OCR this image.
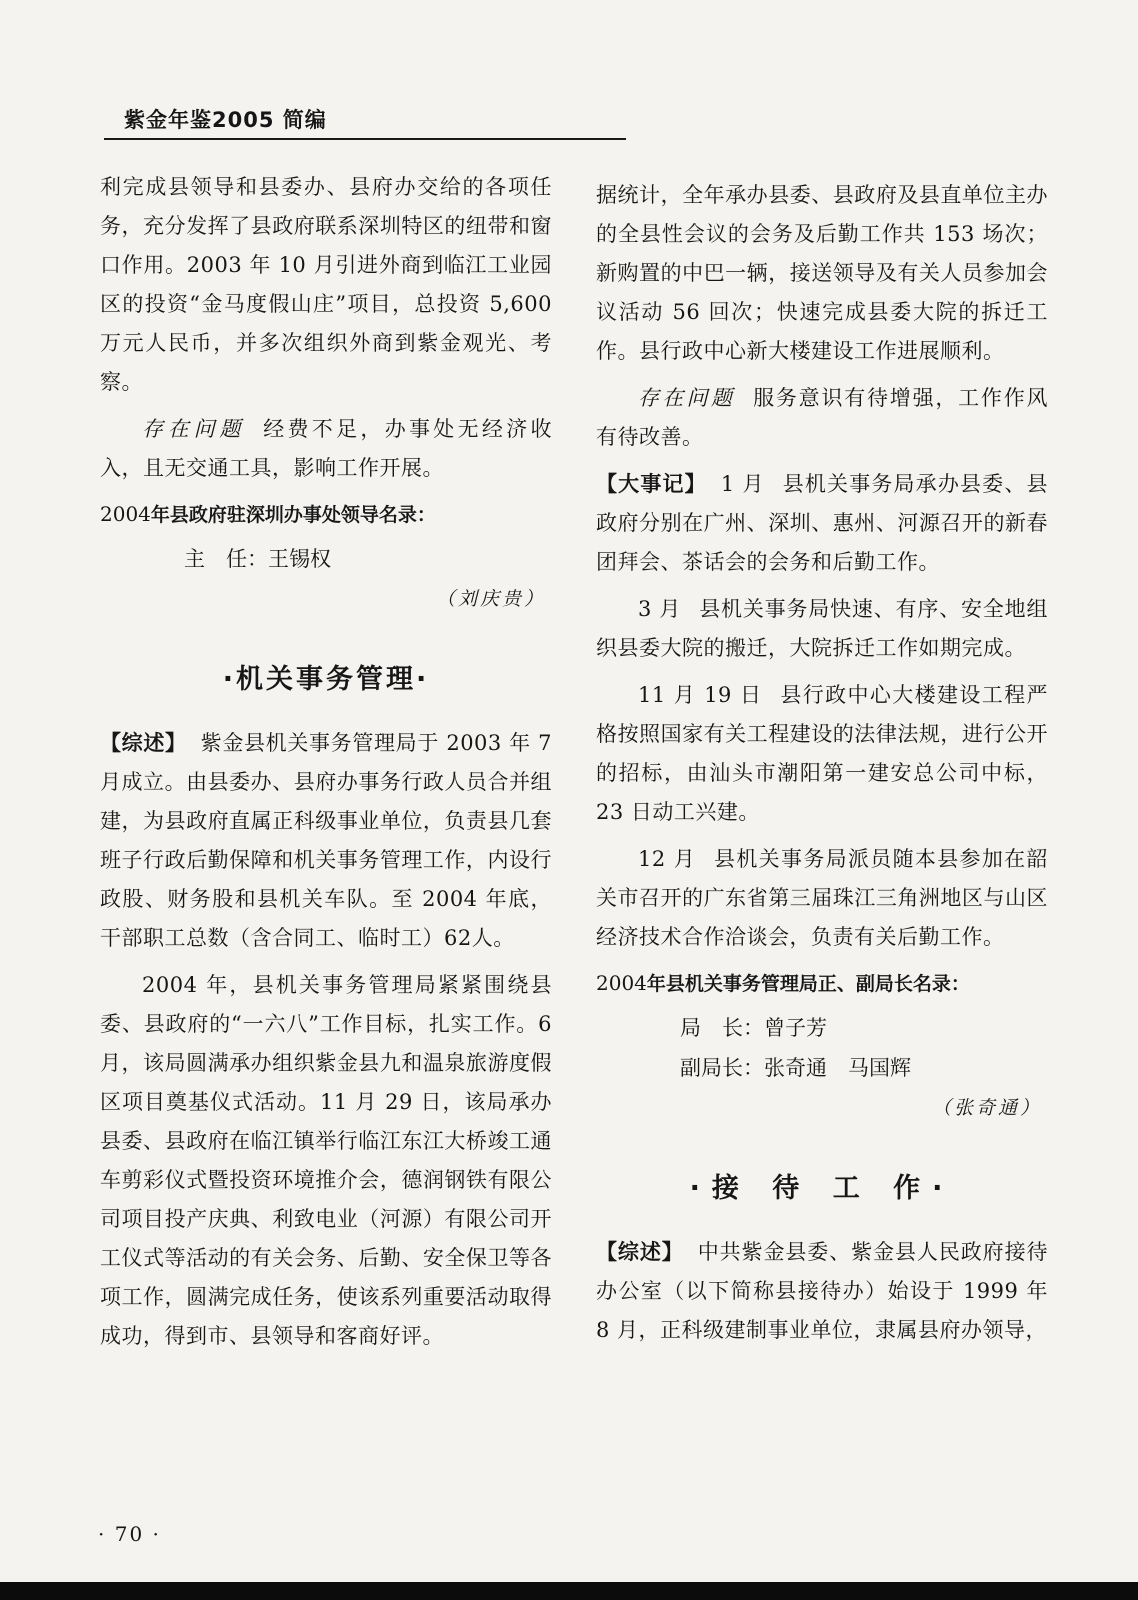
紫金年鉴2005 简编

利完成县领导和县委办、县府办交给的各项任务，充分发挥了县政府联系深圳特区的纽带和窗口作用。2003 年 10 月引进外商到临江工业园区的投资“金马度假山庄”项目，总投资 5,600万元人民币，并多次组织外商到紫金观光、考察。

存在问题 经费不足，办事处无经济收入，且无交通工具，影响工作开展。

2004年县政府驻深圳办事处领导名录：

主　任：王锡权

（刘庆贵）

·机关事务管理·

【综述】 紫金县机关事务管理局于 2003 年 7 月成立。由县委办、县府办事务行政人员合并组建，为县政府直属正科级事业单位，负责县几套班子行政后勤保障和机关事务管理工作，内设行政股、财务股和县机关车队。至 2004 年底，干部职工总数（含合同工、临时工）62人。

2004 年，县机关事务管理局紧紧围绕县委、县政府的“一六八”工作目标，扎实工作。6 月，该局圆满承办组织紫金县九和温泉旅游度假区项目奠基仪式活动。11 月 29 日，该局承办县委、县政府在临江镇举行临江东江大桥竣工通车剪彩仪式暨投资环境推介会，德润钢铁有限公司项目投产庆典、利致电业（河源）有限公司开工仪式等活动的有关会务、后勤、安全保卫等各项工作，圆满完成任务，使该系列重要活动取得成功，得到市、县领导和客商好评。

据统计，全年承办县委、县政府及县直单位主办的全县性会议的会务及后勤工作共 153 场次；新购置的中巴一辆，接送领导及有关人员参加会议活动 56 回次；快速完成县委大院的拆迁工作。县行政中心新大楼建设工作进展顺利。

存在问题 服务意识有待增强，工作作风有待改善。

【大事记】 1 月 县机关事务局承办县委、县政府分别在广州、深圳、惠州、河源召开的新春团拜会、茶话会的会务和后勤工作。

3 月 县机关事务局快速、有序、安全地组织县委大院的搬迁，大院拆迁工作如期完成。

11 月 19 日 县行政中心大楼建设工程严格按照国家有关工程建设的法律法规，进行公开的招标，由汕头市潮阳第一建安总公司中标，23 日动工兴建。

12 月 县机关事务局派员随本县参加在韶关市召开的广东省第三届珠江三角洲地区与山区经济技术合作洽谈会，负责有关后勤工作。

2004年县机关事务管理局正、副局长名录：

局　长：曾子芳

副局长：张奇通　马国辉

（张奇通）

·接 待 工 作·

【综述】 中共紫金县委、紫金县人民政府接待办公室（以下简称县接待办）始设于 1999 年 8 月，正科级建制事业单位，隶属县府办领导，

· 70 ·
